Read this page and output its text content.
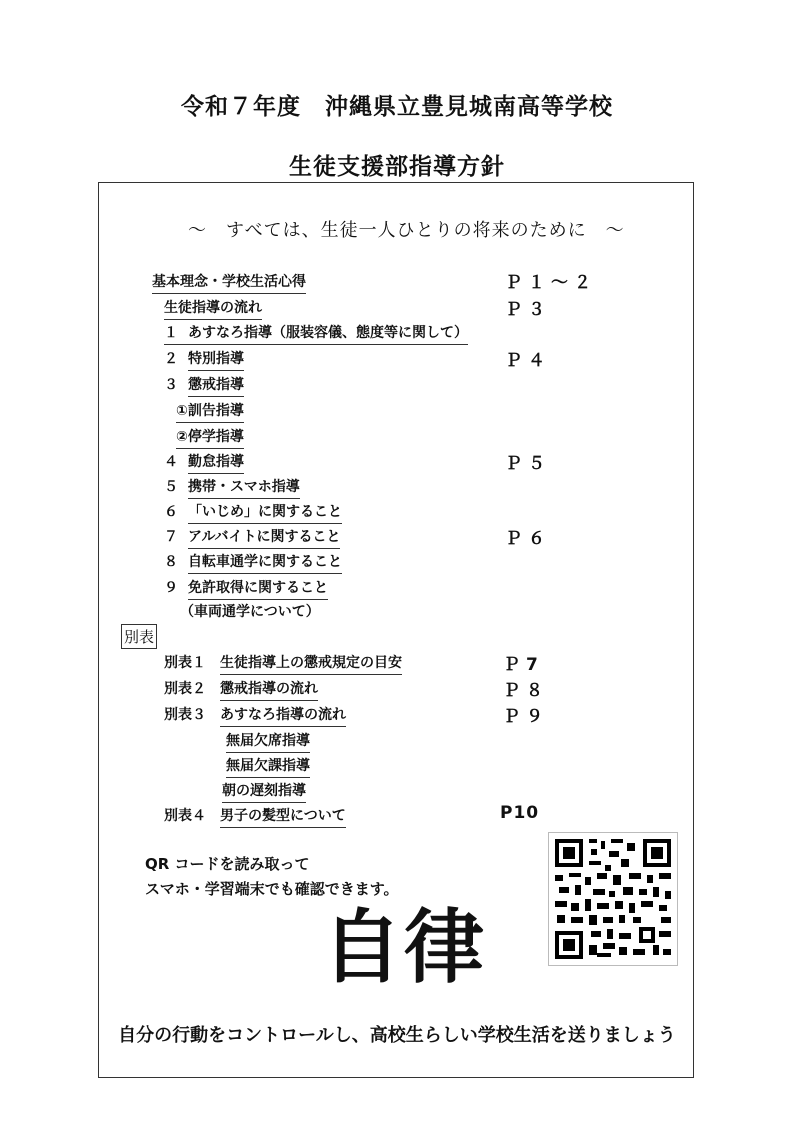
令和７年度　沖縄県立豊見城南高等学校
生徒支援部指導方針
～　すべては、生徒一人ひとりの将来のために　～
基本理念・学校生活心得	Ｐ１～２
生徒指導の流れ	Ｐ３
１ あすなろ指導（服装容儀、態度等に関して）
２ 特別指導	Ｐ４
３ 懲戒指導
①訓告指導
②停学指導
４ 勤怠指導	Ｐ５
５ 携帯・スマホ指導
６ 「いじめ」に関すること
７ アルバイトに関すること	Ｐ６
８ 自転車通学に関すること
９ 免許取得に関すること
（車両通学について）
別表
別表１ 生徒指導上の懲戒規定の目安	Ｐ7
別表２ 懲戒指導の流れ	Ｐ８
別表３ あすなろ指導の流れ	Ｐ９
無届欠席指導
無届欠課指導
朝の遅刻指導
別表４ 男子の髪型について	P10
QR コードを読み取って
スマホ・学習端末でも確認できます。
自律
自分の行動をコントロールし、高校生らしい学校生活を送りましょう
